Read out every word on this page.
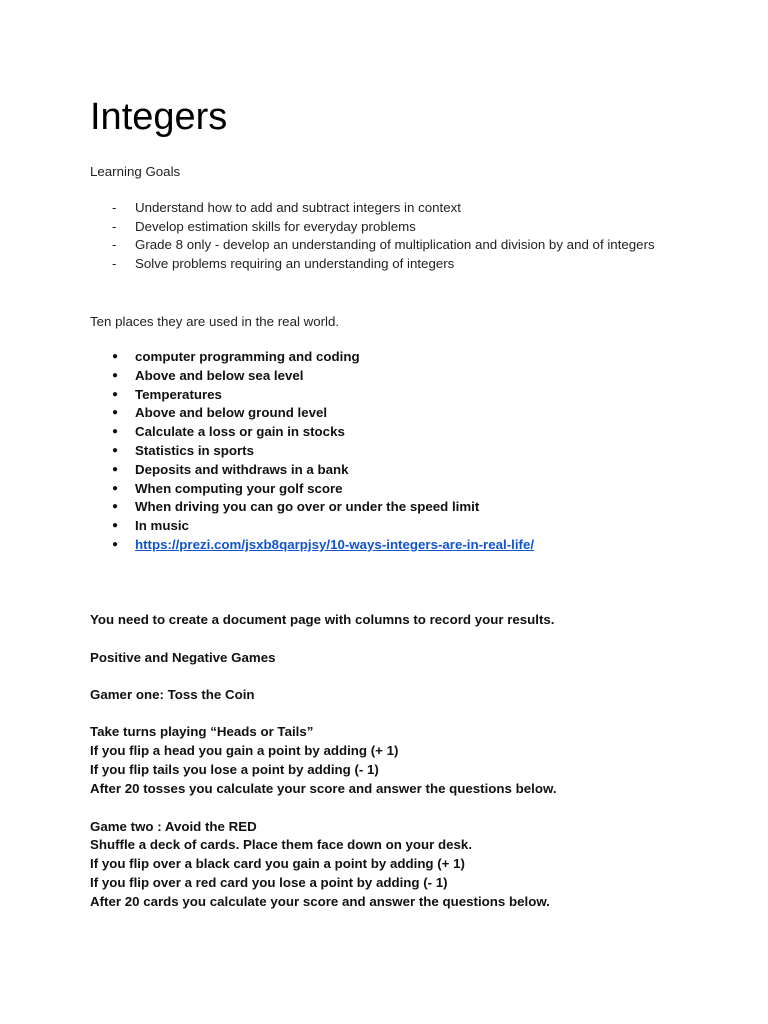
Integers

Learning Goals

- Understand how to add and subtract integers in context
- Develop estimation skills for everyday problems
- Grade 8 only - develop an understanding of multiplication and division by and of integers
- Solve problems requiring an understanding of integers

Ten places they are used in the real world.

● computer programming and coding
● Above and below sea level
● Temperatures
● Above and below ground level
● Calculate a loss or gain in stocks
● Statistics in sports
● Deposits and withdraws in a bank
● When computing your golf score
● When driving you can go over or under the speed limit
● In music
● https://prezi.com/jsxb8qarpjsy/10-ways-integers-are-in-real-life/

You need to create a document page with columns to record your results.

Positive and Negative Games

Gamer one: Toss the Coin

Take turns playing “Heads or Tails”

If you flip a head you gain a point by adding (+ 1)

If you flip tails you lose a point by adding (- 1)

After 20 tosses you calculate your score and answer the questions below.

Game two : Avoid the RED

Shuffle a deck of cards. Place them face down on your desk.

If you flip over a black card you gain a point by adding (+ 1)

If you flip over a red card you lose a point by adding (- 1)

After 20 cards you calculate your score and answer the questions below.
